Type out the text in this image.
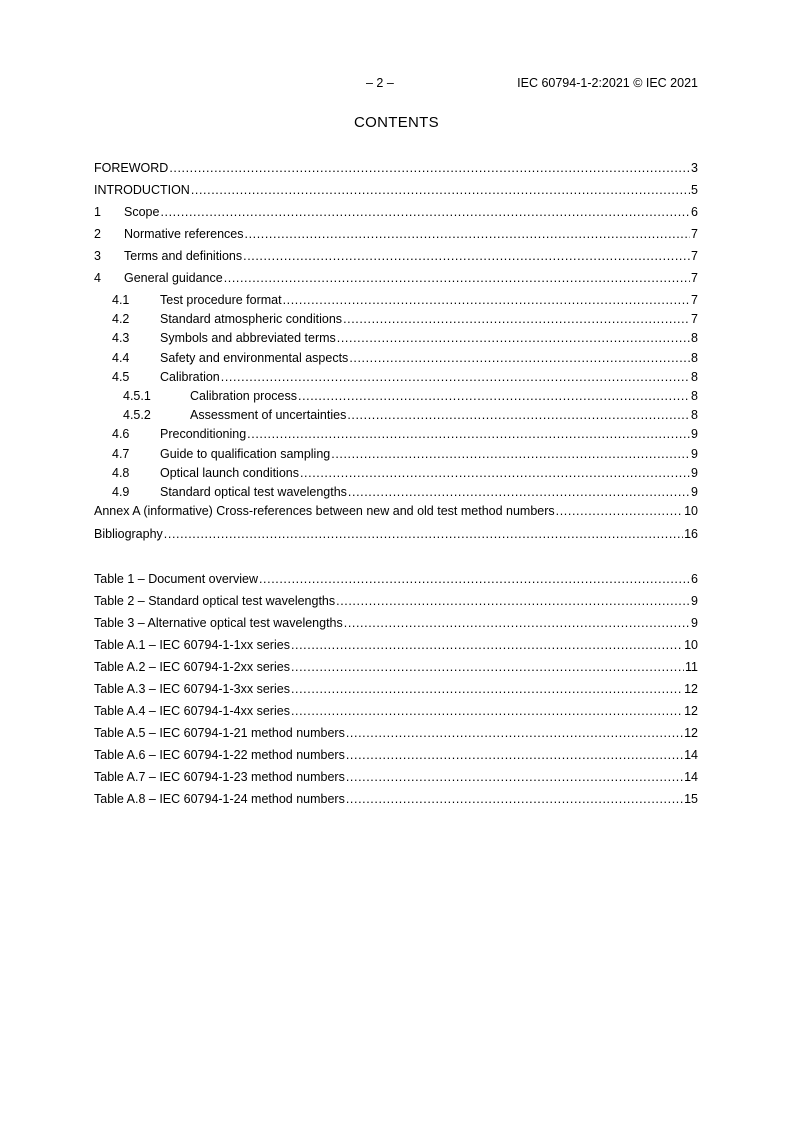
– 2 –	IEC 60794-1-2:2021 © IEC 2021
CONTENTS
FOREWORD .....	3
INTRODUCTION .....	5
1	Scope .....	6
2	Normative references .....	7
3	Terms and definitions .....	7
4	General guidance .....	7
4.1	Test procedure format .....	7
4.2	Standard atmospheric conditions .....	7
4.3	Symbols and abbreviated terms .....	8
4.4	Safety and environmental aspects .....	8
4.5	Calibration .....	8
4.5.1	Calibration process .....	8
4.5.2	Assessment of uncertainties .....	8
4.6	Preconditioning .....	9
4.7	Guide to qualification sampling .....	9
4.8	Optical launch conditions .....	9
4.9	Standard optical test wavelengths .....	9
Annex A (informative) Cross-references between new and old test method numbers .....	10
Bibliography .....	16
Table 1 – Document overview .....	6
Table 2 – Standard optical test wavelengths .....	9
Table 3 – Alternative optical test wavelengths .....	9
Table A.1 – IEC 60794-1-1xx series .....	10
Table A.2 – IEC 60794-1-2xx series .....	11
Table A.3 – IEC 60794-1-3xx series .....	12
Table A.4 – IEC 60794-1-4xx series .....	12
Table A.5 – IEC 60794-1-21 method numbers .....	12
Table A.6 – IEC 60794-1-22 method numbers .....	14
Table A.7 – IEC 60794-1-23 method numbers .....	14
Table A.8 – IEC 60794-1-24 method numbers .....	15
